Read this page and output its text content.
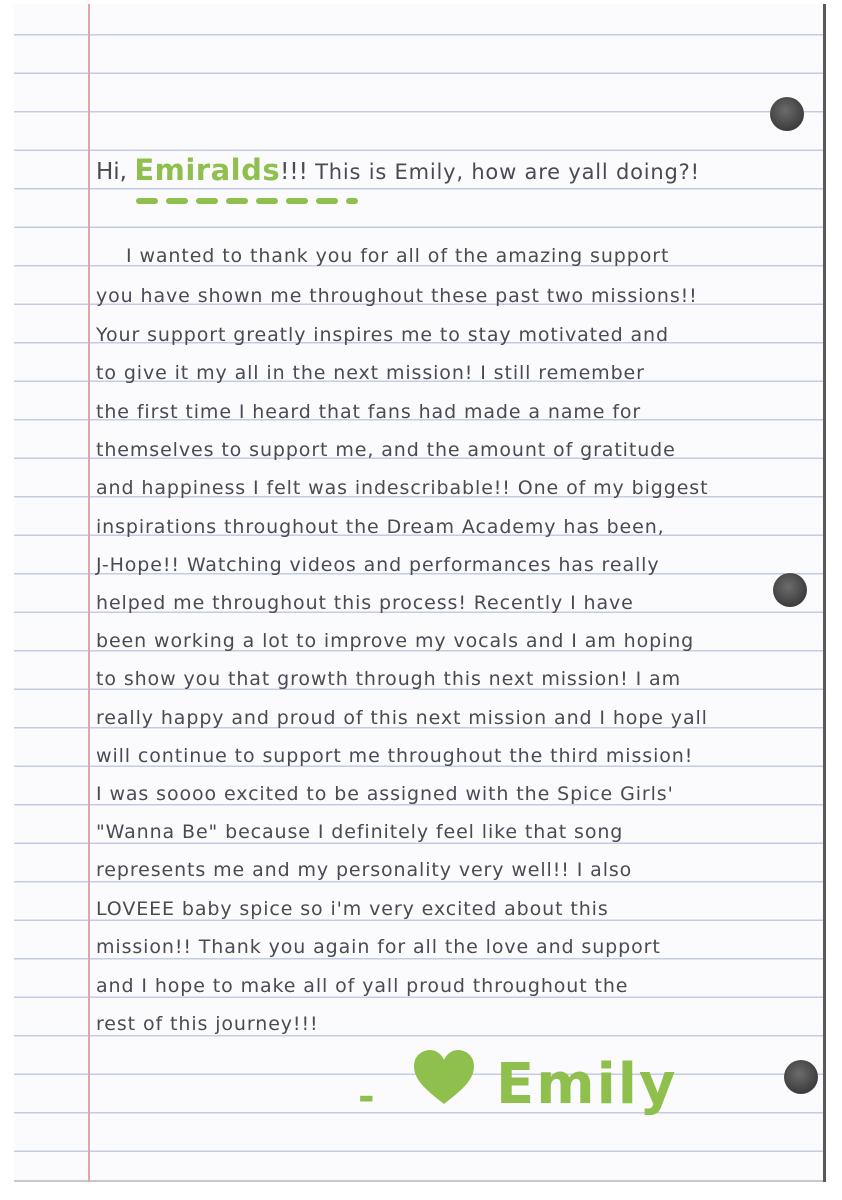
Hi, Emiralds!!! This is Emily, how are yall doing?!
I wanted to thank you for all of the amazing support
you have shown me throughout these past two missions!!
Your support greatly inspires me to stay motivated and
to give it my all in the next mission! I still remember
the first time I heard that fans had made a name for
themselves to support me, and the amount of gratitude
and happiness I felt was indescribable!! One of my biggest
inspirations throughout the Dream Academy has been,
J-Hope!! Watching videos and performances has really
helped me throughout this process! Recently I have
been working a lot to improve my vocals and I am hoping
to show you that growth through this next mission! I am
really happy and proud of this next mission and I hope yall
will continue to support me throughout the third mission!
I was soooo excited to be assigned with the Spice Girls'
"Wanna Be" because I definitely feel like that song
represents me and my personality very well!! I also
LOVEEE baby spice so i'm very excited about this
mission!! Thank you again for all the love and support
and I hope to make all of yall proud throughout the
rest of this journey!!!
- Emily
